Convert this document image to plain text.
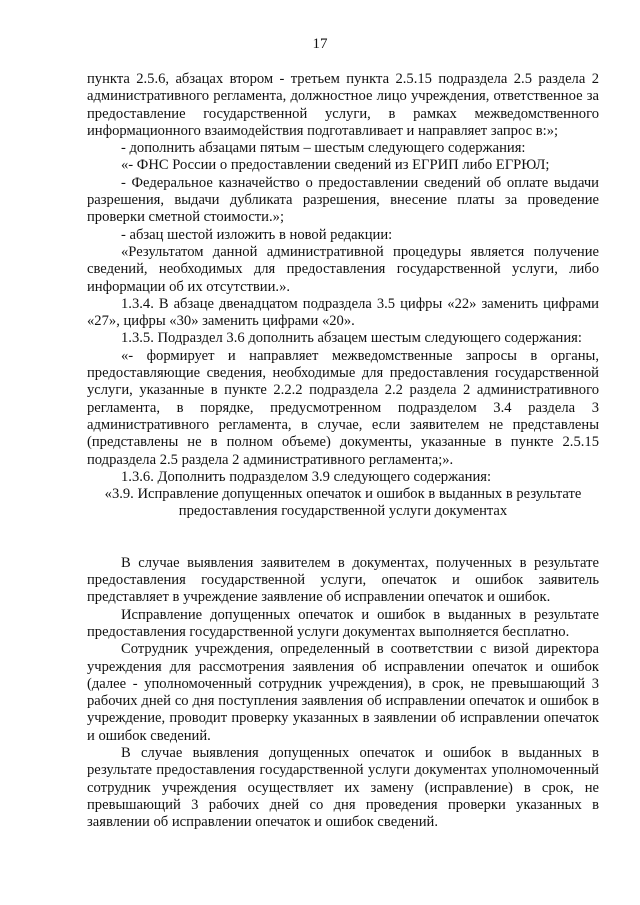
17

пункта 2.5.6, абзацах втором - третьем пункта 2.5.15 подраздела 2.5 раздела 2 административного регламента, должностное лицо учреждения, ответственное за предоставление государственной услуги, в рамках межведомственного информационного взаимодействия подготавливает и направляет запрос в:»;

- дополнить абзацами пятым – шестым следующего содержания:

«- ФНС России о предоставлении сведений из ЕГРИП либо ЕГРЮЛ;

- Федеральное казначейство о предоставлении сведений об оплате выдачи разрешения, выдачи дубликата разрешения, внесение платы за проведение проверки сметной стоимости.»;

- абзац шестой изложить в новой редакции:

«Результатом данной административной процедуры является получение сведений, необходимых для предоставления государственной услуги, либо информации об их отсутствии.».

1.3.4. В абзаце двенадцатом подраздела 3.5 цифры «22» заменить цифрами «27», цифры «30» заменить цифрами «20».

1.3.5. Подраздел 3.6 дополнить абзацем шестым следующего содержания:

«- формирует и направляет межведомственные запросы в органы, предоставляющие сведения, необходимые для предоставления государственной услуги, указанные в пункте 2.2.2 подраздела 2.2 раздела 2 административного регламента, в порядке, предусмотренном подразделом 3.4 раздела 3 административного регламента, в случае, если заявителем не представлены (представлены не в полном объеме) документы, указанные в пункте 2.5.15 подраздела 2.5 раздела 2 административного регламента;».

1.3.6. Дополнить подразделом 3.9 следующего содержания:

«3.9. Исправление допущенных опечаток и ошибок в выданных в результате

предоставления государственной услуги документах

В случае выявления заявителем в документах, полученных в результате предоставления государственной услуги, опечаток и ошибок заявитель представляет в учреждение заявление об исправлении опечаток и ошибок.

Исправление допущенных опечаток и ошибок в выданных в результате предоставления государственной услуги документах выполняется бесплатно.

Сотрудник учреждения, определенный в соответствии с визой директора учреждения для рассмотрения заявления об исправлении опечаток и ошибок (далее - уполномоченный сотрудник учреждения), в срок, не превышающий 3 рабочих дней со дня поступления заявления об исправлении опечаток и ошибок в учреждение, проводит проверку указанных в заявлении об исправлении опечаток и ошибок сведений.

В случае выявления допущенных опечаток и ошибок в выданных в результате предоставления государственной услуги документах уполномоченный сотрудник учреждения осуществляет их замену (исправление) в срок, не превышающий 3 рабочих дней со дня проведения проверки указанных в заявлении об исправлении опечаток и ошибок сведений.
